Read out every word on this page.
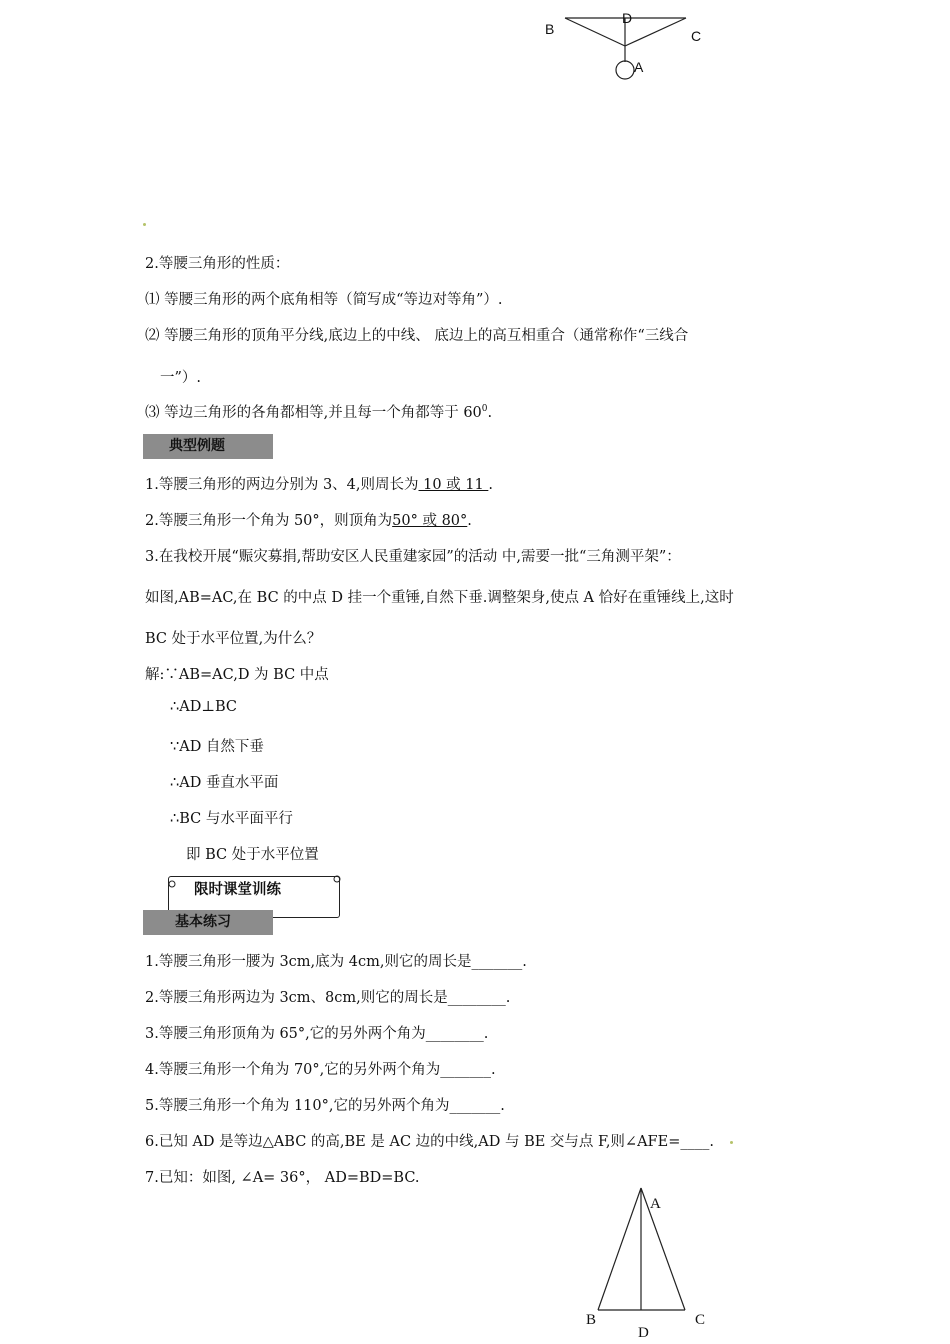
B
D
C
A
2.等腰三角形的性质：
⑴ 等腰三角形的两个底角相等（简写成“等边对等角”）.
⑵ 等腰三角形的顶角平分线,底边上的中线、 底边上的高互相重合（通常称作“三线合
一”）.
⑶ 等边三角形的各角都相等,并且每一个角都等于 $60^0$.
典型例题
1.等腰三角形的两边分别为 3、4,则周长为 10 或 11 .
2.等腰三角形一个角为 50°，则顶角为50° 或 80°.
3.在我校开展“赈灾募捐,帮助安区人民重建家园”的活动 中,需要一批“三角测平架”：
如图,AB=AC,在 BC 的中点 D 挂一个重锤,自然下垂.调整架身,使点 A 恰好在重锤线上,这时
BC 处于水平位置,为什么？
解:∵AB=AC,D 为 BC 中点
∴AD⊥BC
∵AD 自然下垂
∴AD 垂直水平面
∴BC 与水平面平行
即 BC 处于水平位置
限时课堂训练
基本练习
1.等腰三角形一腰为 3cm,底为 4cm,则它的周长是_______.
2.等腰三角形两边为 3cm、8cm,则它的周长是________.
3.等腰三角形顶角为 65°,它的另外两个角为________.
4.等腰三角形一个角为 70°,它的另外两个角为_______.
5.等腰三角形一个角为 110°,它的另外两个角为_______.
6.已知 AD 是等边△ABC 的高,BE 是 AC 边的中线,AD 与 BE 交与点 F,则∠AFE=____.
7.已知：如图, ∠A= 36°， AD=BD=BC.
A
B	C
D
